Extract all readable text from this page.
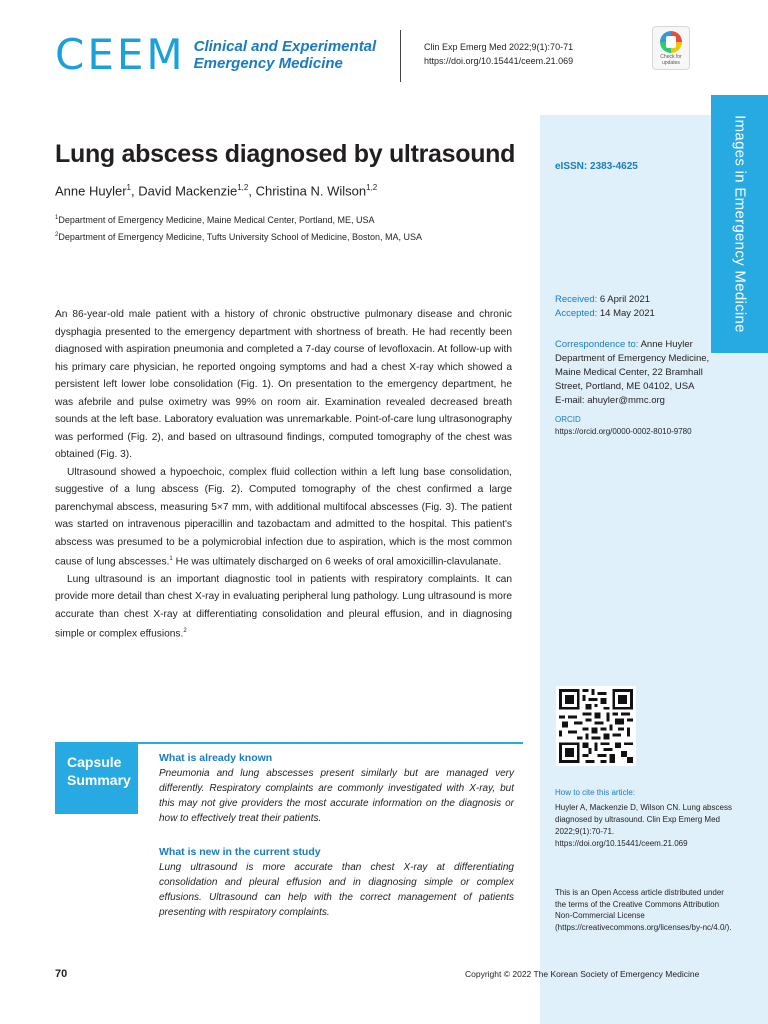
CEEM Clinical and Experimental
Emergency Medicine
Clin Exp Emerg Med 2022;9(1):70-71
https://doi.org/10.15441/ceem.21.069	Check for
updates
Images in Emergency Medicine
eISSN: 2383-4625
Received: 6 April 2021
Accepted: 14 May 2021
Correspondence to: Anne Huyler
Department of Emergency Medicine,
Maine Medical Center, 22 Bramhall
Street, Portland, ME 04102, USA
E-mail: ahuyler@mmc.org
ORCID
https://orcid.org/0000-0002-8010-9780
How to cite this article:
Huyler A, Mackenzie D, Wilson CN. Lung abscess diagnosed by ultrasound. Clin Exp Emerg Med 2022;9(1):70-71. https://doi.org/10.15441/ceem.21.069
This is an Open Access article distributed under the terms of the Creative Commons Attribution Non-Commercial License (https://creativecommons.org/licenses/by-nc/4.0/).
Lung abscess diagnosed by ultrasound
Anne Huyler$^1$, David Mackenzie$^{1,2}$, Christina N. Wilson$^{1,2}$
$^1$Department of Emergency Medicine, Maine Medical Center, Portland, ME, USA
$^2$Department of Emergency Medicine, Tufts University School of Medicine, Boston, MA, USA

An 86-year-old male patient with a history of chronic obstructive pulmonary disease and chronic dysphagia presented to the emergency department with shortness of breath. He had recently been diagnosed with aspiration pneumonia and completed a 7-day course of levofloxacin. At follow-up with his primary care physician, he reported ongoing symptoms and had a chest X-ray which showed a persistent left lower lobe consolidation (Fig. 1). On presentation to the emergency department, he was afebrile and pulse oximetry was 99% on room air. Examination revealed decreased breath sounds at the left base. Laboratory evaluation was unremarkable. Point-of-care lung ultrasonography was performed (Fig. 2), and based on ultrasound findings, computed tomography of the chest was obtained (Fig. 3).

Ultrasound showed a hypoechoic, complex fluid collection within a left lung base consolidation, suggestive of a lung abscess (Fig. 2). Computed tomography of the chest confirmed a large parenchymal abscess, measuring 5×7 mm, with additional multifocal abscesses (Fig. 3). The patient was started on intravenous piperacillin and tazobactam and admitted to the hospital. This patient's abscess was presumed to be a polymicrobial infection due to aspiration, which is the most common cause of lung abscesses.$^1$ He was ultimately discharged on 6 weeks of oral amoxicillin-clavulanate.

Lung ultrasound is an important diagnostic tool in patients with respiratory complaints. It can provide more detail than chest X-ray in evaluating peripheral lung pathology. Lung ultrasound is more accurate than chest X-ray at differentiating consolidation and pleural effusion, and in diagnosing simple or complex effusions.$^2$

Capsule
Summary
What is already known

Pneumonia and lung abscesses present similarly but are managed very differently. Respiratory complaints are commonly investigated with X-ray, but this may not give providers the most accurate information on the diagnosis or how to effectively treat their patients.

What is new in the current study

Lung ultrasound is more accurate than chest X-ray at differentiating consolidation and pleural effusion and in diagnosing simple or complex effusions. Ultrasound can help with the correct management of patients presenting with respiratory complaints.

70	Copyright © 2022 The Korean Society of Emergency Medicine
